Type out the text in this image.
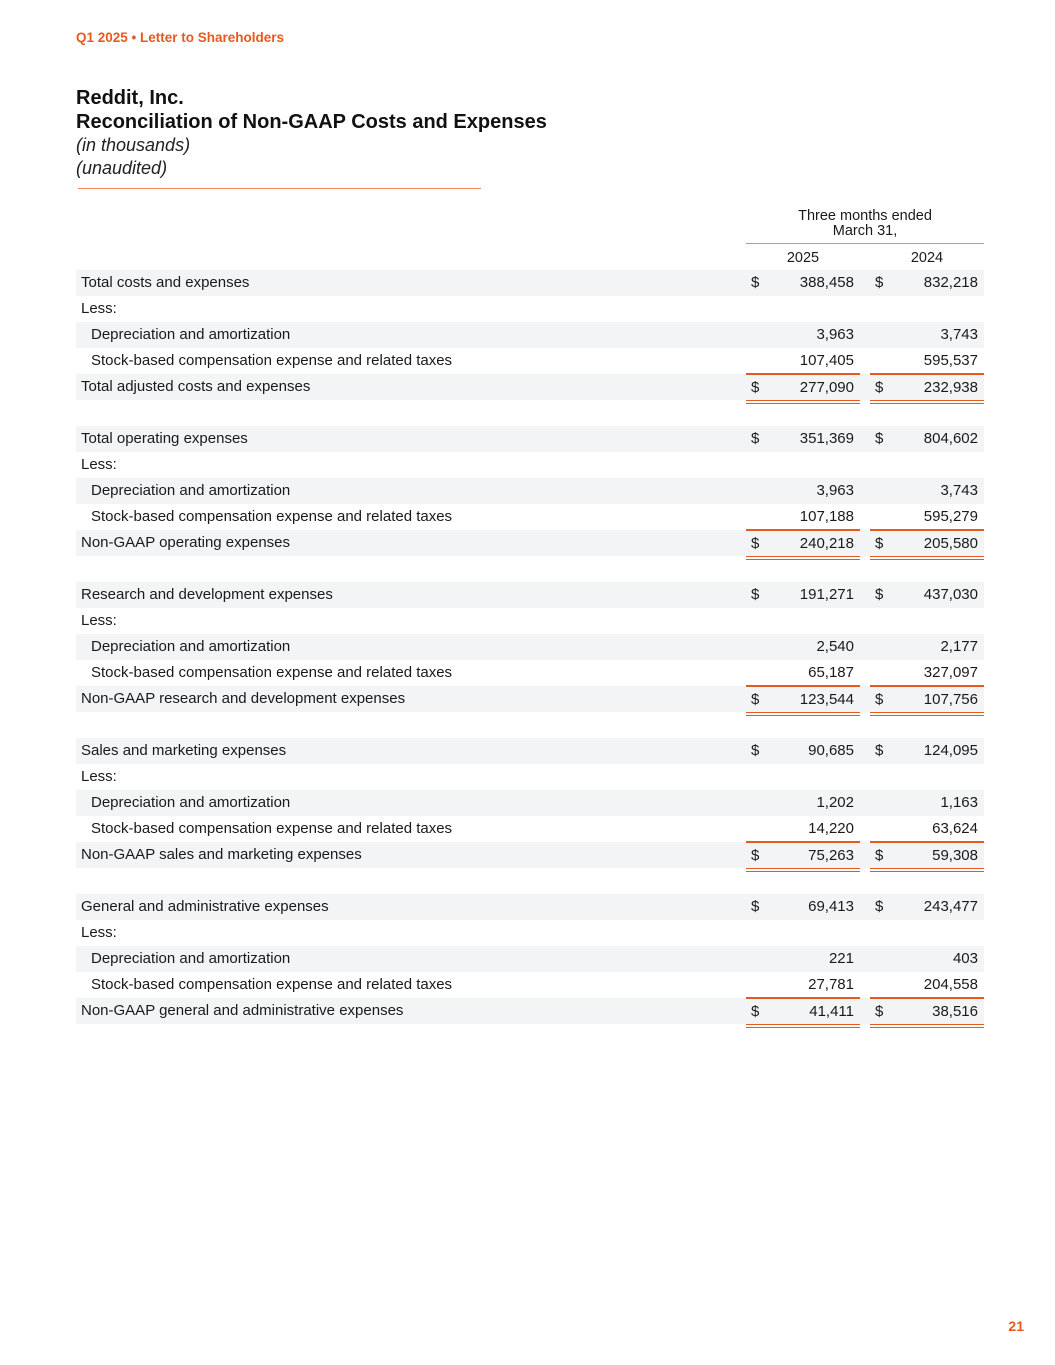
Q1 2025 • Letter to Shareholders
Reddit, Inc.
Reconciliation of Non-GAAP Costs and Expenses
(in thousands)
(unaudited)
Three months ended
March 31,
2025	2024
Total costs and expenses	$	388,458 $	832,218
Less:
Depreciation and amortization	3,963	3,743
Stock-based compensation expense and related taxes	107,405	595,537
Total adjusted costs and expenses	$	277,090 $	232,938
Total operating expenses	$	351,369 $	804,602
Less:
Depreciation and amortization	3,963	3,743
Stock-based compensation expense and related taxes	107,188	595,279
Non-GAAP operating expenses	$	240,218 $	205,580
Research and development expenses	$	191,271 $	437,030
Less:
Depreciation and amortization	2,540	2,177
Stock-based compensation expense and related taxes	65,187	327,097
Non-GAAP research and development expenses	$	123,544 $	107,756
Sales and marketing expenses	$	90,685 $	124,095
Less:
Depreciation and amortization	1,202	1,163
Stock-based compensation expense and related taxes	14,220	63,624
Non-GAAP sales and marketing expenses	$	75,263 $	59,308
General and administrative expenses	$	69,413 $	243,477
Less:
Depreciation and amortization	221	403
Stock-based compensation expense and related taxes	27,781	204,558
Non-GAAP general and administrative expenses	$	41,411 $	38,516
21
